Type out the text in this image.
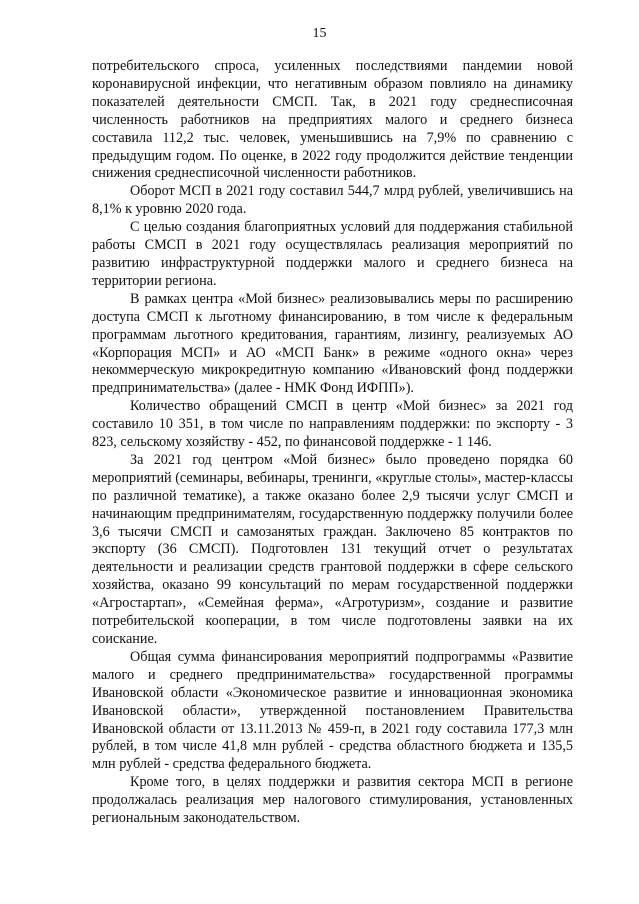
15

потребительского спроса, усиленных последствиями пандемии новой коронавирусной инфекции, что негативным образом повлияло на динамику показателей деятельности СМСП. Так, в 2021 году среднесписочная численность работников на предприятиях малого и среднего бизнеса составила 112,2 тыс. человек, уменьшившись на 7,9% по сравнению с предыдущим годом. По оценке, в 2022 году продолжится действие тенденции снижения среднесписочной численности работников.

Оборот МСП в 2021 году составил 544,7 млрд рублей, увеличившись на 8,1% к уровню 2020 года.

С целью создания благоприятных условий для поддержания стабильной работы СМСП в 2021 году осуществлялась реализация мероприятий по развитию инфраструктурной поддержки малого и среднего бизнеса на территории региона.

В рамках центра «Мой бизнес» реализовывались меры по расширению доступа СМСП к льготному финансированию, в том числе к федеральным программам льготного кредитования, гарантиям, лизингу, реализуемых АО «Корпорация МСП» и АО «МСП Банк» в режиме «одного окна» через некоммерческую микрокредитную компанию «Ивановский фонд поддержки предпринимательства» (далее - НМК Фонд ИФПП»).

Количество обращений СМСП в центр «Мой бизнес» за 2021 год составило 10 351, в том числе по направлениям поддержки: по экспорту - 3 823, сельскому хозяйству - 452, по финансовой поддержке - 1 146.

За 2021 год центром «Мой бизнес» было проведено порядка 60 мероприятий (семинары, вебинары, тренинги, «круглые столы», мастер-классы по различной тематике), а также оказано более 2,9 тысячи услуг СМСП и начинающим предпринимателям, государственную поддержку получили более 3,6 тысячи СМСП и самозанятых граждан. Заключено 85 контрактов по экспорту (36 СМСП). Подготовлен 131 текущий отчет о результатах деятельности и реализации средств грантовой поддержки в сфере сельского хозяйства, оказано 99 консультаций по мерам государственной поддержки «Агростартап», «Семейная ферма», «Агротуризм», создание и развитие потребительской кооперации, в том числе подготовлены заявки на их соискание.

Общая сумма финансирования мероприятий подпрограммы «Развитие малого и среднего предпринимательства» государственной программы Ивановской области «Экономическое развитие и инновационная экономика Ивановской области», утвержденной постановлением Правительства Ивановской области от 13.11.2013 № 459-п, в 2021 году составила 177,3 млн рублей, в том числе 41,8 млн рублей - средства областного бюджета и 135,5 млн рублей - средства федерального бюджета.

Кроме того, в целях поддержки и развития сектора МСП в регионе продолжалась реализация мер налогового стимулирования, установленных региональным законодательством.
